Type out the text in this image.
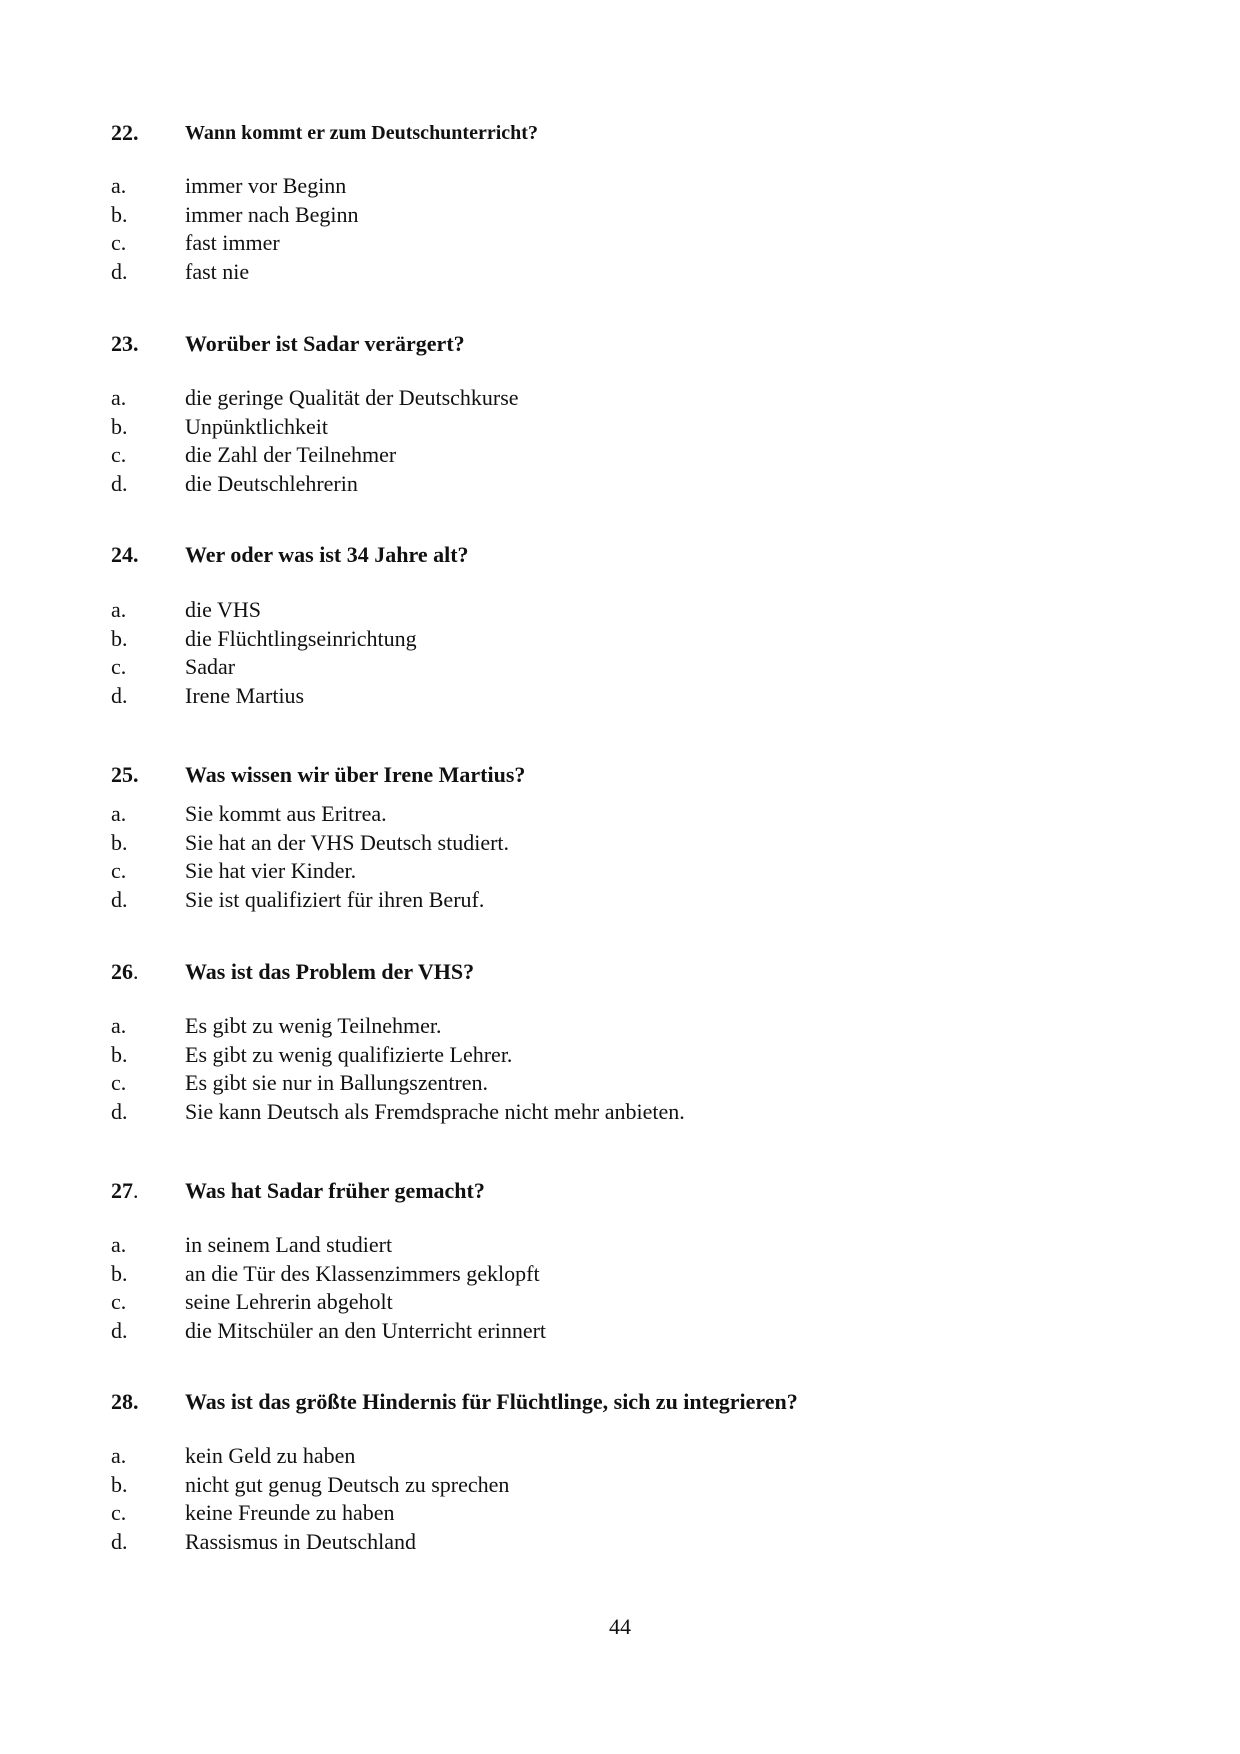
22. Wann kommt er zum Deutschunterricht?
a.	immer vor Beginn
b.	immer nach Beginn
c.	fast immer
d.	fast nie
23. Worüber ist Sadar verärgert?
a.	die geringe Qualität der Deutschkurse
b.	Unpünktlichkeit
c.	die Zahl der Teilnehmer
d.	die Deutschlehrerin
24. Wer oder was ist 34 Jahre alt?
a.	die VHS
b.	die Flüchtlingseinrichtung
c.	Sadar
d.	Irene Martius
25. Was wissen wir über Irene Martius?
a.	Sie kommt aus Eritrea.
b.	Sie hat an der VHS Deutsch studiert.
c.	Sie hat vier Kinder.
d.	Sie ist qualifiziert für ihren Beruf.
26. Was ist das Problem der VHS?
a.	Es gibt zu wenig Teilnehmer.
b.	Es gibt zu wenig qualifizierte Lehrer.
c.	Es gibt sie nur in Ballungszentren.
d.	Sie kann Deutsch als Fremdsprache nicht mehr anbieten.
27. Was hat Sadar früher gemacht?
a.	in seinem Land studiert
b.	an die Tür des Klassenzimmers geklopft
c.	seine Lehrerin abgeholt
d.	die Mitschüler an den Unterricht erinnert
28. Was ist das größte Hindernis für Flüchtlinge, sich zu integrieren?
a.	kein Geld zu haben
b.	nicht gut genug Deutsch zu sprechen
c.	keine Freunde zu haben
d.	Rassismus in Deutschland
44
